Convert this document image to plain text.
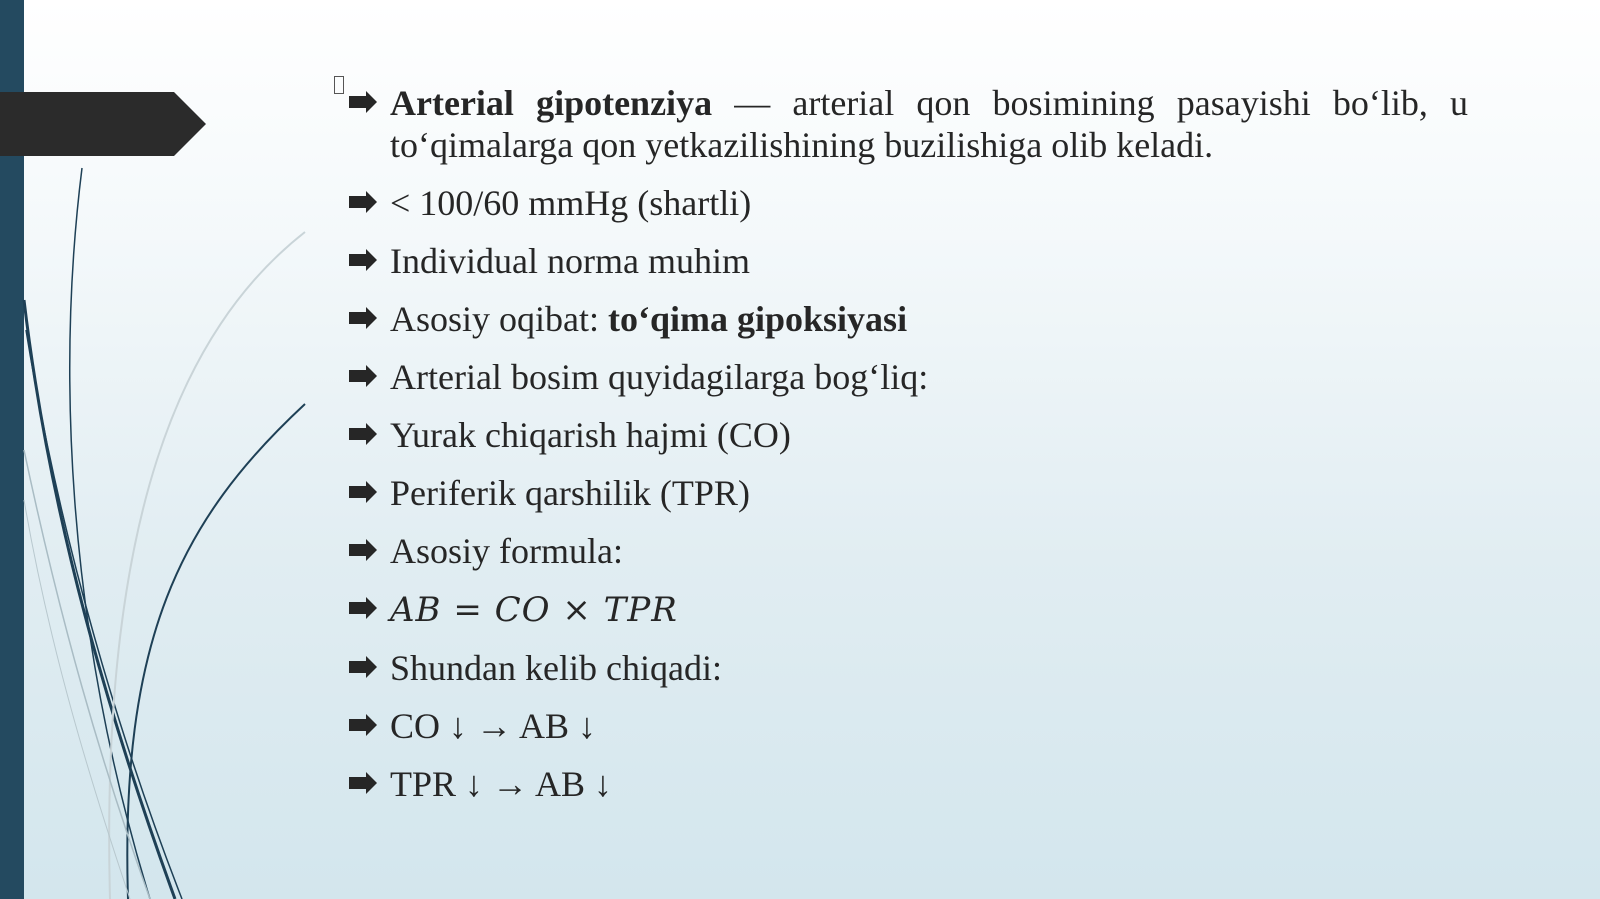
Arterial gipotenziya — arterial qon bosimining pasayishi bo‘lib, u to‘qimalarga qon yetkazilishining buzilishiga olib keladi.
< 100/60 mmHg (shartli)
Individual norma muhim
Asosiy oqibat: to‘qima gipoksiyasi
Arterial bosim quyidagilarga bog‘liq:
Yurak chiqarish hajmi (CO)
Periferik qarshilik (TPR)
Asosiy formula:
AB = CO × TPR
Shundan kelib chiqadi:
CO ↓ → AB ↓
TPR ↓ → AB ↓
